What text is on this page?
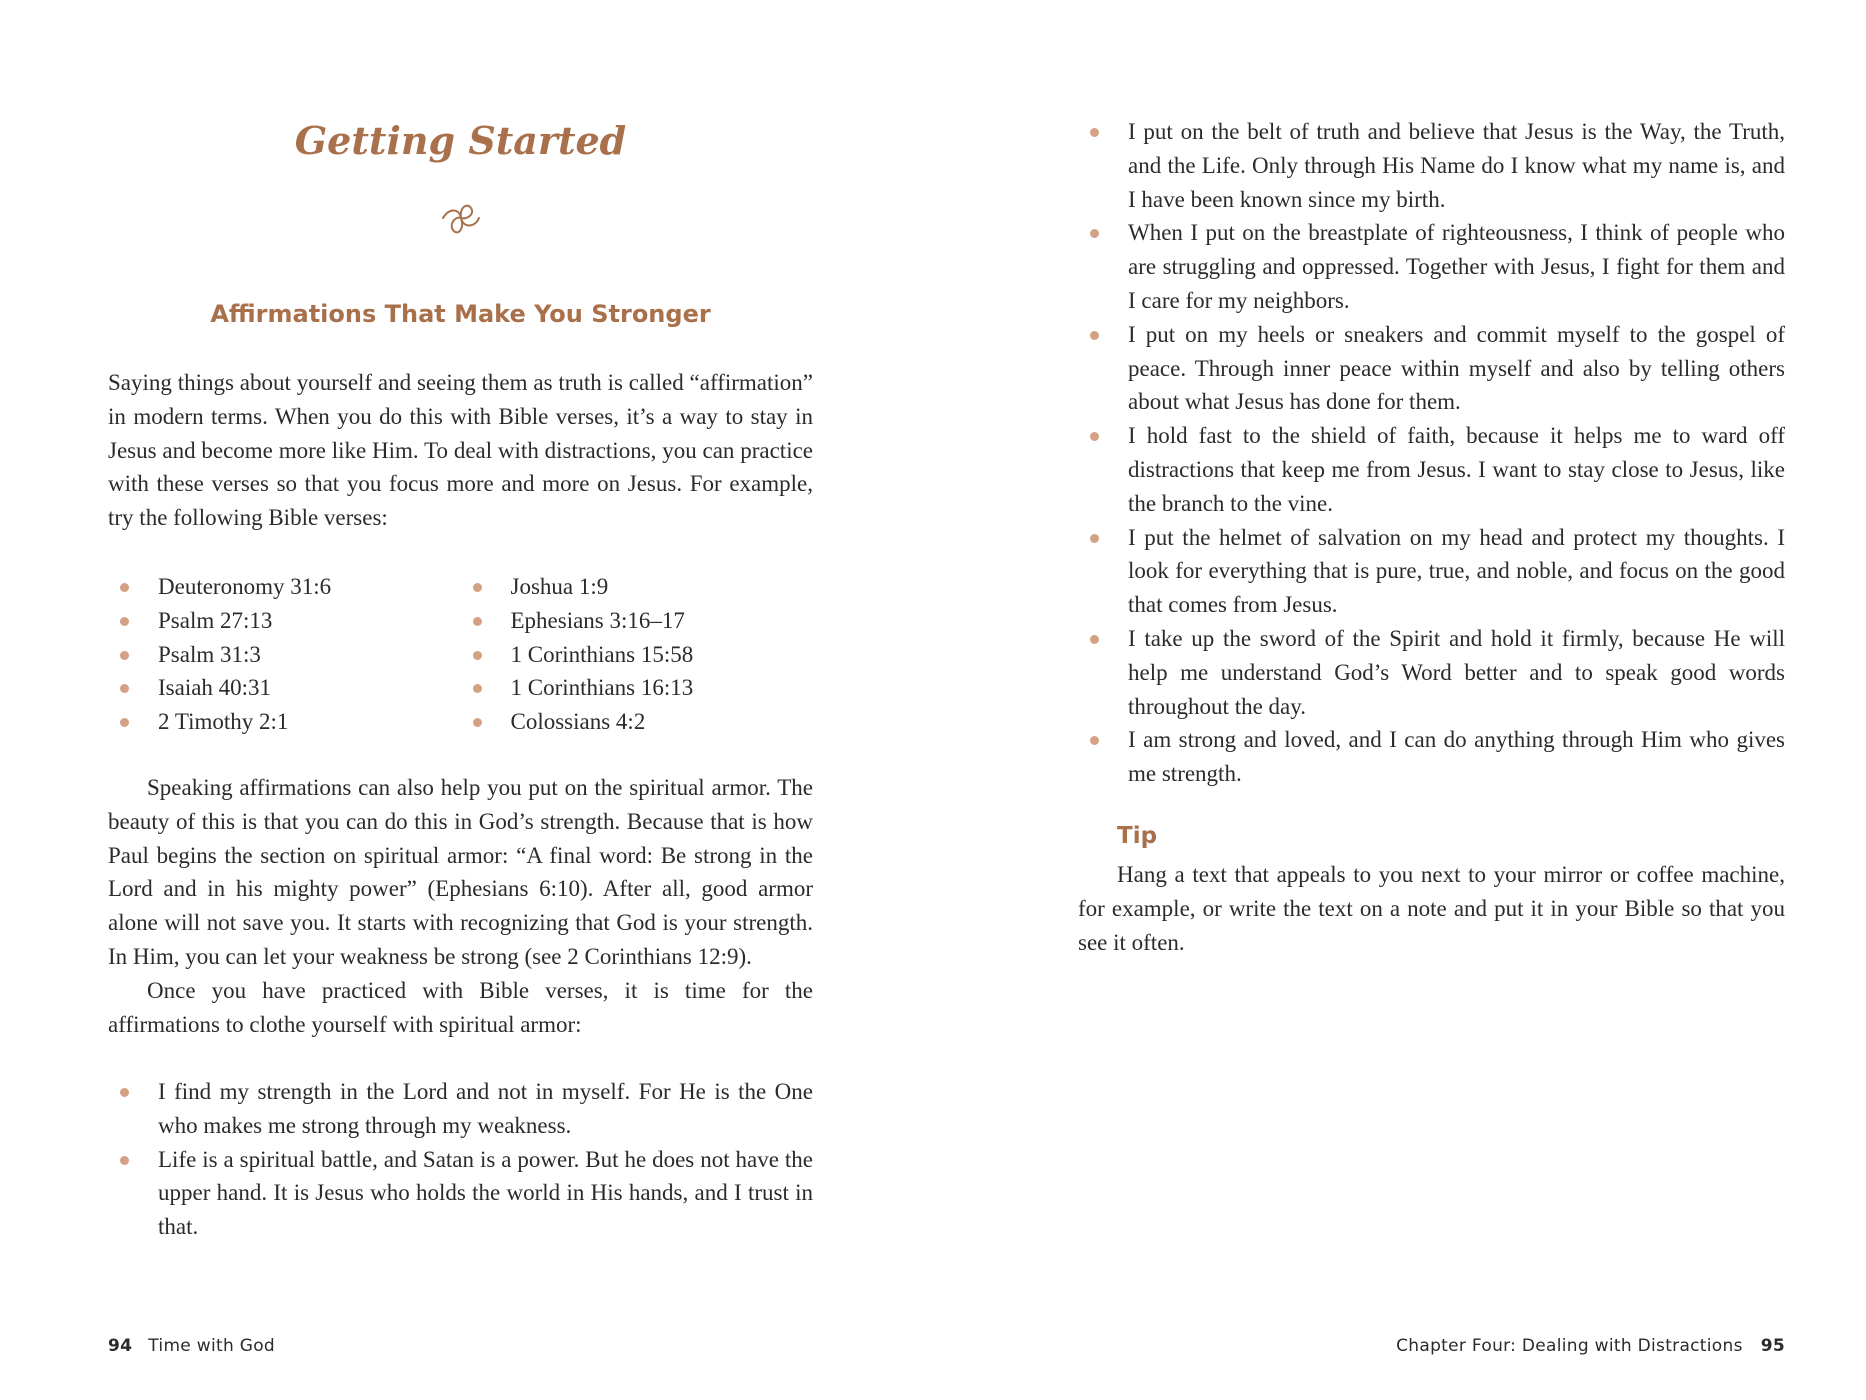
Getting Started
Affirmations That Make You Stronger

Saying things about yourself and seeing them as truth is called “affirmation” in modern terms. When you do this with Bible verses, it’s a way to stay in Jesus and become more like Him. To deal with distractions, you can practice with these verses so that you focus more and more on Jesus. For example, try the following Bible verses:

Deuteronomy 31:6
Psalm 27:13
Psalm 31:3
Isaiah 40:31
2 Timothy 2:1
Joshua 1:9
Ephesians 3:16–17
1 Corinthians 15:58
1 Corinthians 16:13
Colossians 4:2

Speaking affirmations can also help you put on the spiritual armor. The beauty of this is that you can do this in God’s strength. Because that is how Paul begins the section on spiritual armor: “A final word: Be strong in the Lord and in his mighty power” (Ephesians 6:10). After all, good armor alone will not save you. It starts with recognizing that God is your strength. In Him, you can let your weakness be strong (see 2 Corinthians 12:9).

Once you have practiced with Bible verses, it is time for the affirmations to clothe yourself with spiritual armor:

I find my strength in the Lord and not in myself. For He is the One who makes me strong through my weakness.
Life is a spiritual battle, and Satan is a power. But he does not have the upper hand. It is Jesus who holds the world in His hands, and I trust in that.
94 Time with God
I put on the belt of truth and believe that Jesus is the Way, the Truth, and the Life. Only through His Name do I know what my name is, and I have been known since my birth.
When I put on the breastplate of righteousness, I think of people who are struggling and oppressed. Together with Jesus, I fight for them and I care for my neighbors.
I put on my heels or sneakers and commit myself to the gospel of peace. Through inner peace within myself and also by telling others about what Jesus has done for them.
I hold fast to the shield of faith, because it helps me to ward off distractions that keep me from Jesus. I want to stay close to Jesus, like the branch to the vine.
I put the helmet of salvation on my head and protect my thoughts. I look for everything that is pure, true, and noble, and focus on the good that comes from Jesus.
I take up the sword of the Spirit and hold it firmly, because He will help me understand God’s Word better and to speak good words throughout the day.
I am strong and loved, and I can do anything through Him who gives me strength.
Tip

Hang a text that appeals to you next to your mirror or coffee machine, for example, or write the text on a note and put it in your Bible so that you see it often.

Chapter Four: Dealing with Distractions 95
